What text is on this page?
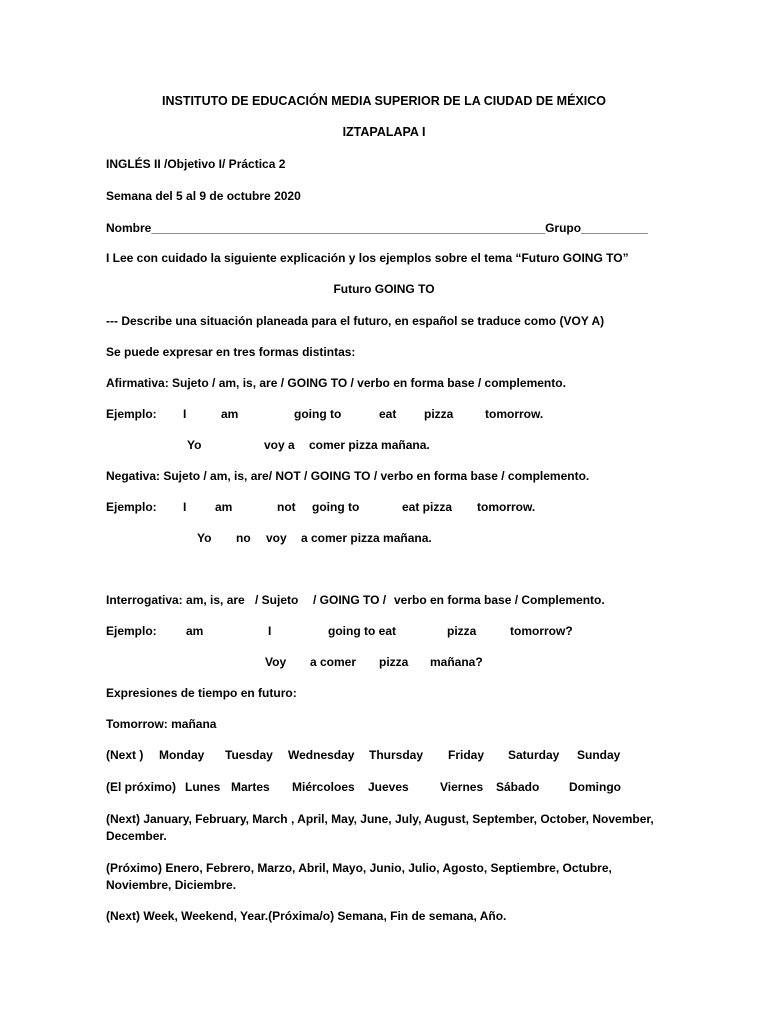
INSTITUTO DE EDUCACIÓN MEDIA SUPERIOR DE LA CIUDAD DE MÉXICO
IZTAPALAPA I
INGLÉS II /Objetivo I/ Práctica 2
Semana del 5 al 9 de octubre 2020
Nombre___________________________________________________________Grupo__________
I Lee con cuidado la siguiente explicación y los ejemplos sobre el tema “Futuro GOING TO”
Futuro GOING TO
--- Describe una situación planeada para el futuro, en español se traduce como (VOY A)
Se puede expresar en tres formas distintas:
Afirmativa: Sujeto / am, is, are / GOING TO / verbo en forma base / complemento.
Ejemplo: I	am	going to	eat pizza	tomorrow.
Yo	voy a comer pizza mañana.
Negativa: Sujeto / am, is, are/ NOT / GOING TO / verbo en forma base / complemento.
Ejemplo: I am	not going to	eat pizza tomorrow.
Yo no voy a comer pizza mañana.
Interrogativa: am, is, are / Sujeto / GOING TO / verbo en forma base / Complemento.
Ejemplo: am	I	going to eat	pizza	tomorrow?
Voy a comer pizza mañana?
Expresiones de tiempo en futuro:
Tomorrow: mañana
(Next ) Monday Tuesday Wednesday Thursday Friday Saturday Sunday
(El próximo) Lunes Martes Miércoloes Jueves	Viernes Sábado Domingo
(Next) January, February, March , April, May, June, July, August, September, October, November, December.
(Próximo) Enero, Febrero, Marzo, Abril, Mayo, Junio, Julio, Agosto, Septiembre, Octubre, Noviembre, Diciembre.
(Next) Week, Weekend, Year.(Próxima/o) Semana, Fin de semana, Año.
